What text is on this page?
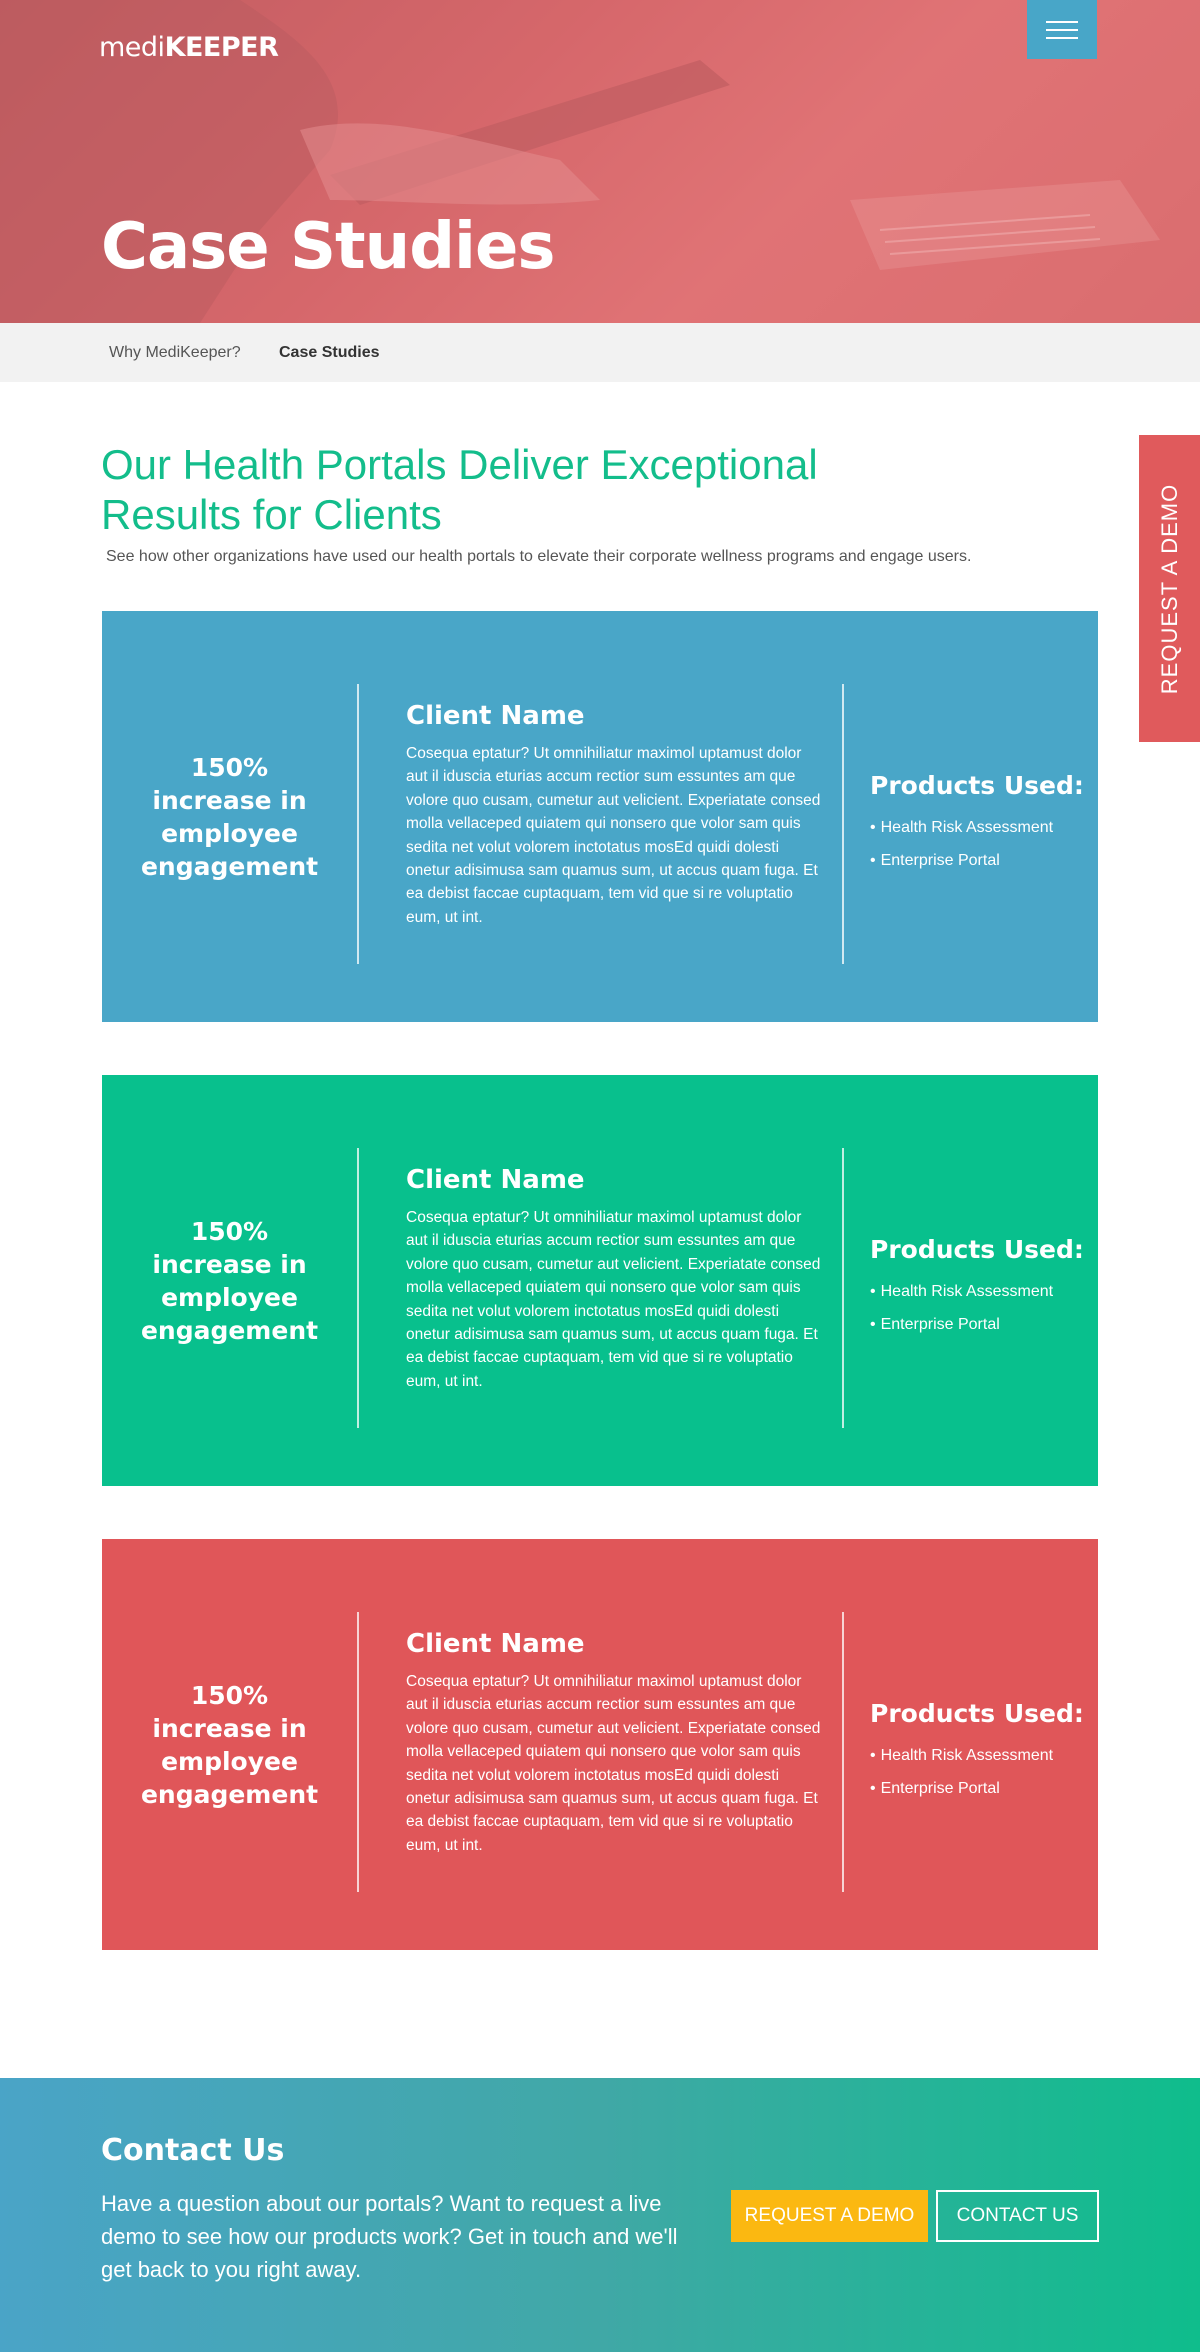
mediKEEPER
Case Studies
Why MediKeeper? Case Studies
REQUEST A DEMO
Our Health Portals Deliver Exceptional Results for Clients

See how other organizations have used our health portals to elevate their corporate wellness programs and engage users.

150% increase in employee engagement
Client Name

Cosequa eptatur? Ut omnihiliatur maximol uptamust dolor aut il iduscia eturias accum rectior sum essuntes am que volore quo cusam, cumetur aut velicient. Experiatate consed molla vellaceped quiatem qui nonsero que volor sam quis sedita net volut volorem inctotatus mosEd quidi dolesti onetur adisimusa sam quamus sum, ut accus quam fuga. Et ea debist faccae cuptaquam, tem vid que si re voluptatio eum, ut int.

Products Used:
• Health Risk Assessment
• Enterprise Portal
150% increase in employee engagement
Client Name

Cosequa eptatur? Ut omnihiliatur maximol uptamust dolor aut il iduscia eturias accum rectior sum essuntes am que volore quo cusam, cumetur aut velicient. Experiatate consed molla vellaceped quiatem qui nonsero que volor sam quis sedita net volut volorem inctotatus mosEd quidi dolesti onetur adisimusa sam quamus sum, ut accus quam fuga. Et ea debist faccae cuptaquam, tem vid que si re voluptatio eum, ut int.

Products Used:
• Health Risk Assessment
• Enterprise Portal
150% increase in employee engagement
Client Name

Cosequa eptatur? Ut omnihiliatur maximol uptamust dolor aut il iduscia eturias accum rectior sum essuntes am que volore quo cusam, cumetur aut velicient. Experiatate consed molla vellaceped quiatem qui nonsero que volor sam quis sedita net volut volorem inctotatus mosEd quidi dolesti onetur adisimusa sam quamus sum, ut accus quam fuga. Et ea debist faccae cuptaquam, tem vid que si re voluptatio eum, ut int.

Products Used:
• Health Risk Assessment
• Enterprise Portal
Contact Us

Have a question about our portals? Want to request a live demo to see how our products work? Get in touch and we'll get back to you right away.

REQUEST A DEMO	CONTACT US
